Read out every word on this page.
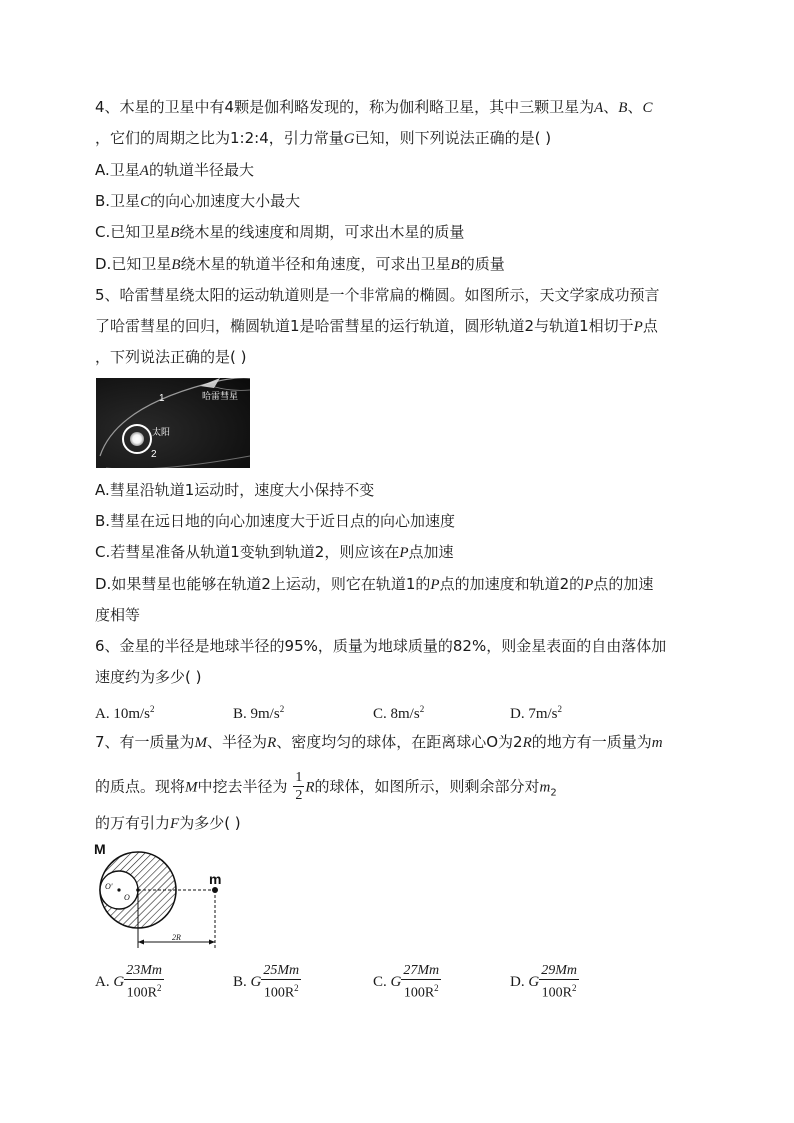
4、木星的卫星中有4颗是伽利略发现的，称为伽利略卫星，其中三颗卫星为A、B、C
，它们的周期之比为1:2:4，引力常量G已知，则下列说法正确的是( )
A.卫星A的轨道半径最大
B.卫星C的向心加速度大小最大
C.已知卫星B绕木星的线速度和周期，可求出木星的质量
D.已知卫星B绕木星的轨道半径和角速度，可求出卫星B的质量
5、哈雷彗星绕太阳的运动轨道则是一个非常扁的椭圆。如图所示，天文学家成功预言
了哈雷彗星的回归，椭圆轨道1是哈雷彗星的运行轨道，圆形轨道2与轨道1相切于P点
，下列说法正确的是( )
1
2
太阳
哈雷彗星
A.彗星沿轨道1运动时，速度大小保持不变
B.彗星在远日地的向心加速度大于近日点的向心加速度
C.若彗星准备从轨道1变轨到轨道2，则应该在P点加速
D.如果彗星也能够在轨道2上运动，则它在轨道1的P点的加速度和轨道2的P点的加速
度相等
6、金星的半径是地球半径的95%，质量为地球质量的82%，则金星表面的自由落体加
速度约为多少( )
A. $10m/s^2$	B. $9m/s^2$	C. $8m/s^2$	D. $7m/s^2$
7、有一质量为M、半径为R、密度均匀的球体，在距离球心O为2R的地方有一质量为m
的质点。现将M中挖去半径为 $\frac{1}{2}$ R的球体，如图所示，则剩余部分对$m_2$
的万有引力F为多少( )
M
O'
O
m
2R
A. G $\frac{23Mm}{100R^2}$	B. G $\frac{25Mm}{100R^2}$	C. G $\frac{27Mm}{100R^2}$	D. G $\frac{29Mm}{100R^2}$
